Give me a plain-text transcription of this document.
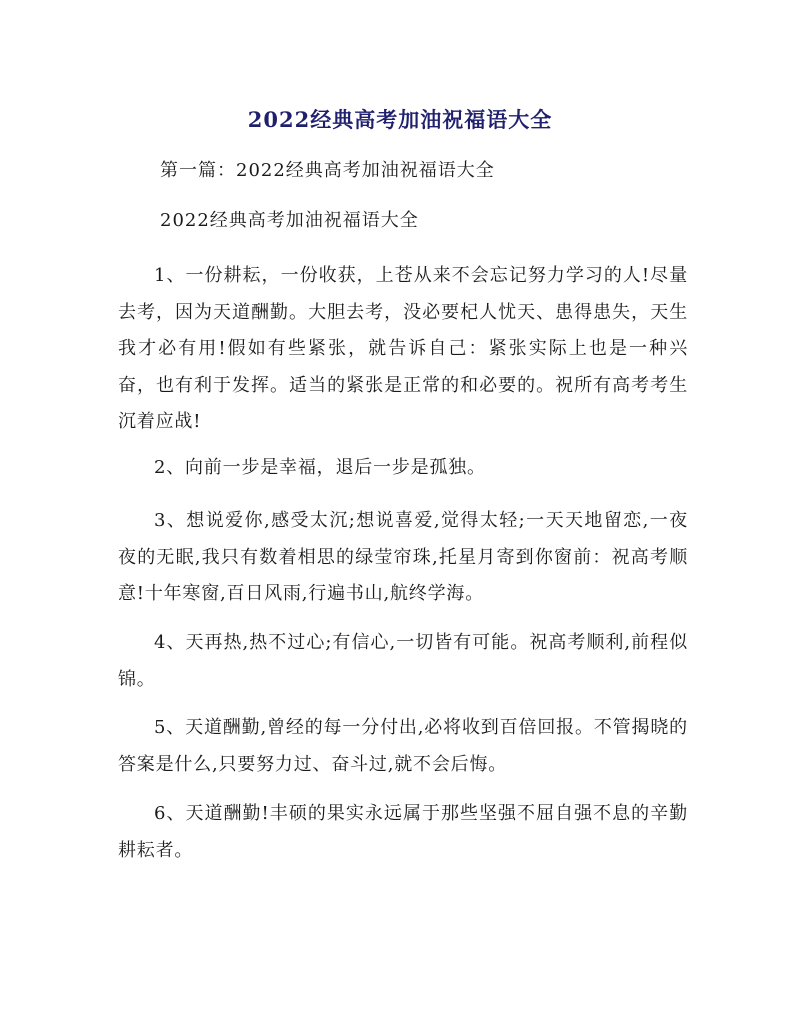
2022经典高考加油祝福语大全
第一篇：2022经典高考加油祝福语大全
2022经典高考加油祝福语大全
1、一份耕耘，一份收获，上苍从来不会忘记努力学习的人!尽量去考，因为天道酬勤。大胆去考，没必要杞人忧天、患得患失，天生我才必有用!假如有些紧张，就告诉自己：紧张实际上也是一种兴奋，也有利于发挥。适当的紧张是正常的和必要的。祝所有高考考生沉着应战!
2、向前一步是幸福，退后一步是孤独。
3、想说爱你,感受太沉;想说喜爱,觉得太轻;一天天地留恋,一夜夜的无眠,我只有数着相思的绿莹帘珠,托星月寄到你窗前：祝高考顺意!十年寒窗,百日风雨,行遍书山,航终学海。
4、天再热,热不过心;有信心,一切皆有可能。祝高考顺利,前程似锦。
5、天道酬勤,曾经的每一分付出,必将收到百倍回报。不管揭晓的答案是什么,只要努力过、奋斗过,就不会后悔。
6、天道酬勤!丰硕的果实永远属于那些坚强不屈自强不息的辛勤耕耘者。
